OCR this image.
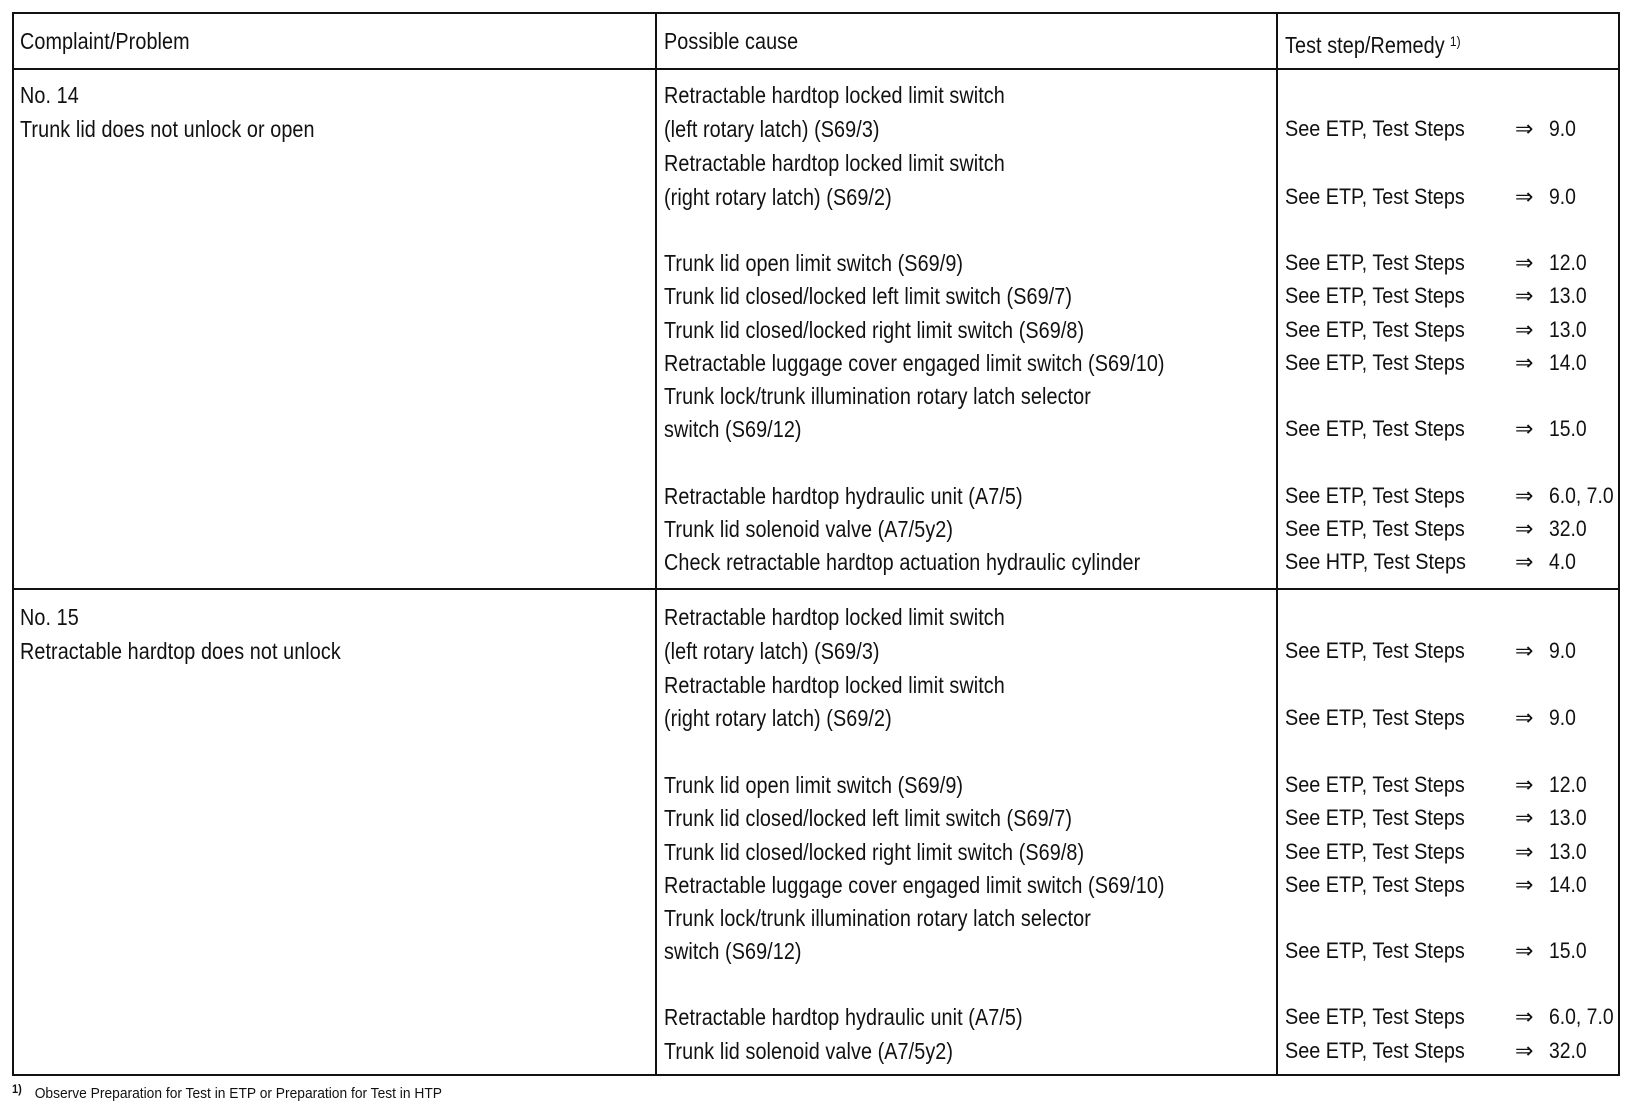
Complaint/Problem	Possible cause	Test step/Remedy $^{1)}$
No. 14
Trunk lid does not unlock or open
Retractable hardtop locked limit switch
(left rotary latch) (S69/3)
Retractable hardtop locked limit switch
(right rotary latch) (S69/2)
Trunk lid open limit switch (S69/9)
Trunk lid closed/locked left limit switch (S69/7)
Trunk lid closed/locked right limit switch (S69/8)
Retractable luggage cover engaged limit switch (S69/10)
Trunk lock/trunk illumination rotary latch selector
switch (S69/12)
Retractable hardtop hydraulic unit (A7/5)
Trunk lid solenoid valve (A7/5y2)
Check retractable hardtop actuation hydraulic cylinder
See ETP, Test Steps ⇒ 9.0
See ETP, Test Steps ⇒ 9.0
See ETP, Test Steps ⇒ 12.0
See ETP, Test Steps ⇒ 13.0
See ETP, Test Steps ⇒ 13.0
See ETP, Test Steps ⇒ 14.0
See ETP, Test Steps ⇒ 15.0
See ETP, Test Steps ⇒ 6.0, 7.0
See ETP, Test Steps ⇒ 32.0
See HTP, Test Steps ⇒ 4.0
No. 15
Retractable hardtop does not unlock
Retractable hardtop locked limit switch
(left rotary latch) (S69/3)
Retractable hardtop locked limit switch
(right rotary latch) (S69/2)
Trunk lid open limit switch (S69/9)
Trunk lid closed/locked left limit switch (S69/7)
Trunk lid closed/locked right limit switch (S69/8)
Retractable luggage cover engaged limit switch (S69/10)
Trunk lock/trunk illumination rotary latch selector
switch (S69/12)
Retractable hardtop hydraulic unit (A7/5)
Trunk lid solenoid valve (A7/5y2)
See ETP, Test Steps ⇒ 9.0
See ETP, Test Steps ⇒ 9.0
See ETP, Test Steps ⇒ 12.0
See ETP, Test Steps ⇒ 13.0
See ETP, Test Steps ⇒ 13.0
See ETP, Test Steps ⇒ 14.0
See ETP, Test Steps ⇒ 15.0
See ETP, Test Steps ⇒ 6.0, 7.0
See ETP, Test Steps ⇒ 32.0
$^{1)}$ Observe Preparation for Test in ETP or Preparation for Test in HTP
